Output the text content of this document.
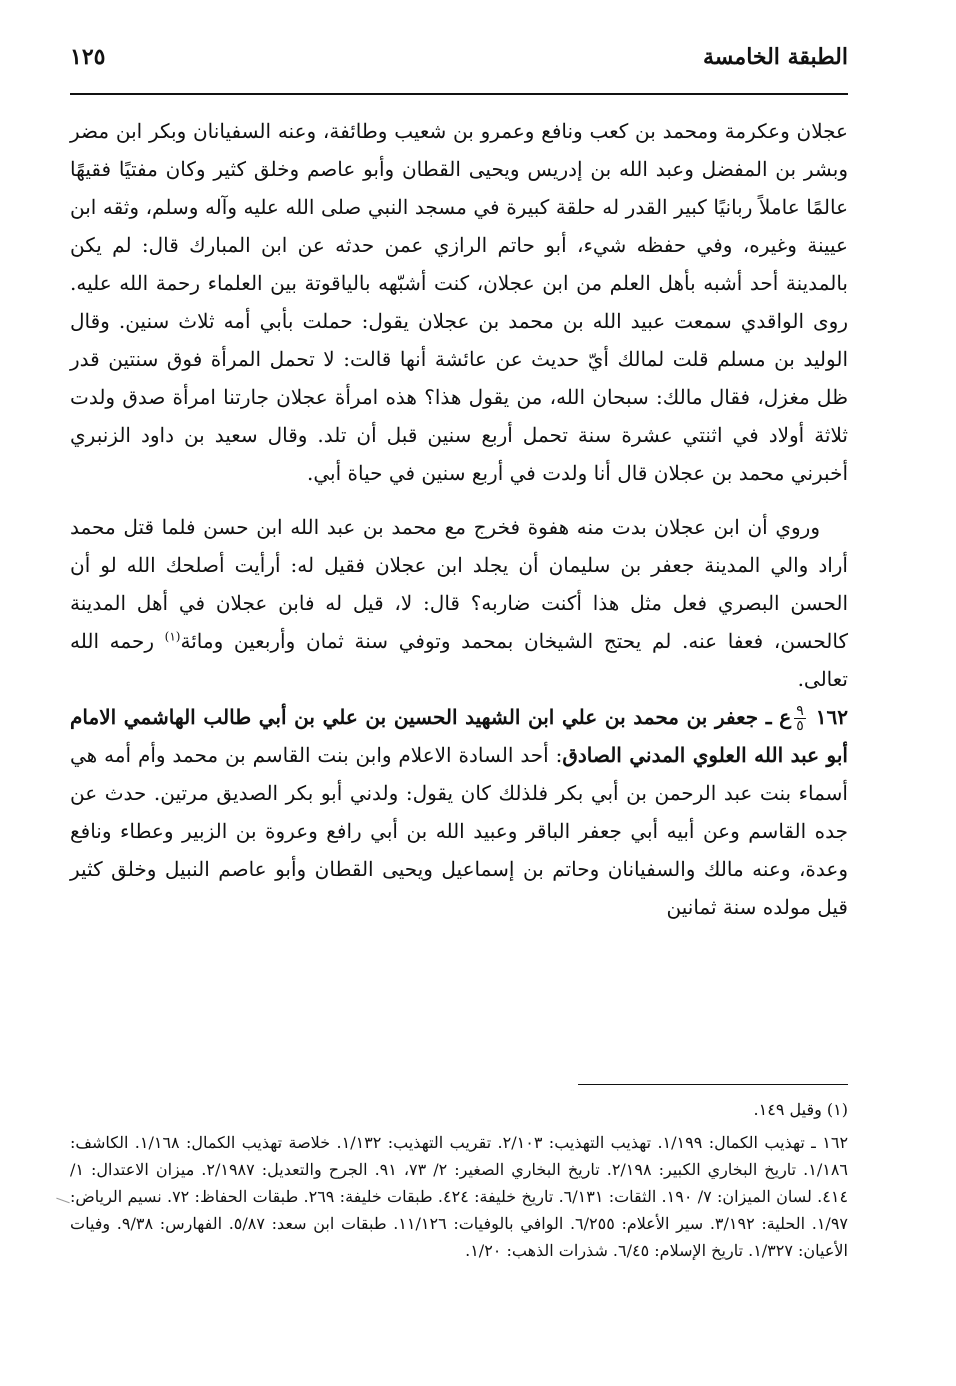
الطبقة الخامسة
١٢٥

عجلان وعكرمة ومحمد بن كعب ونافع وعمرو بن شعيب وطائفة، وعنه السفيانان وبكر ابن مضر وبشر بن المفضل وعبد الله بن إدريس ويحيى القطان وأبو عاصم وخلق كثير وكان مفتيًا فقيهًا عالمًا عاملاً ربانيًا كبير القدر له حلقة كبيرة في مسجد النبي صلى الله عليه وآله وسلم، وثقه ابن عيينة وغيره، وفي حفظه شيء، أبو حاتم الرازي عمن حدثه عن ابن المبارك قال: لم يكن بالمدينة أحد أشبه بأهل العلم من ابن عجلان، كنت أشبّهه بالياقوتة بين العلماء رحمة الله عليه. روى الواقدي سمعت عبيد الله بن محمد بن عجلان يقول: حملت بأبي أمه ثلاث سنين. وقال الوليد بن مسلم قلت لمالك أيّ حديث عن عائشة أنها قالت: لا تحمل المرأة فوق سنتين قدر ظل مغزل، فقال مالك: سبحان الله، من يقول هذا؟ هذه امرأة عجلان جارتنا امرأة صدق ولدت ثلاثة أولاد في اثنتي عشرة سنة تحمل أربع سنين قبل أن تلد. وقال سعيد بن داود الزنبري أخبرني محمد بن عجلان قال أنا ولدت في أربع سنين في حياة أبي.

وروي أن ابن عجلان بدت منه هفوة فخرج مع محمد بن عبد الله ابن حسن فلما قتل محمد أراد والي المدينة جعفر بن سليمان أن يجلد ابن عجلان فقيل له: أرأيت أصلحك الله لو أن الحسن البصري فعل مثل هذا أكنت ضاربه؟ قال: لا، قيل له فابن عجلان في أهل المدينة كالحسن، فعفا عنه. لم يحتج الشيخان بمحمد وتوفي سنة ثمان وأربعين ومائة$^{(١)}$ رحمه الله تعالى.

١٦٢
$\frac{٩}{٥}$
ع ـ جعفر بن محمد بن علي ابن الشهيد الحسين بن علي بن أبي طالب الهاشمي الامام أبو عبد الله العلوي المدني الصادق: أحد السادة الاعلام وابن بنت القاسم بن محمد وأم أمه هي أسماء بنت عبد الرحمن بن أبي بكر فلذلك كان يقول: ولدني أبو بكر الصديق مرتين. حدث عن جده القاسم وعن أبيه أبي جعفر الباقر وعبيد الله بن أبي رافع وعروة بن الزبير وعطاء ونافع وعدة، وعنه مالك والسفيانان وحاتم بن إسماعيل ويحيى القطان وأبو عاصم النبيل وخلق كثير قيل مولده سنة ثمانين

(١) وقيل ١٤٩.

١٦٢ ـ تهذيب الكمال: ١/١٩٩. تهذيب التهذيب: ٢/١٠٣. تقريب التهذيب: ١/١٣٢. خلاصة تهذيب الكمال: ١/١٦٨. الكاشف: ١/١٨٦. تاريخ البخاري الكبير: ٢/١٩٨. تاريخ البخاري الصغير: ٢/ ٧٣، ٩١. الجرح والتعديل: ٢/١٩٨٧. ميزان الاعتدال: ١/ ٤١٤. لسان الميزان: ٧/ ١٩٠. الثقات: ٦/١٣١. تاريخ خليفة: ٤٢٤. طبقات خليفة: ٢٦٩. طبقات الحفاظ: ٧٢. نسيم الرياض: ١/٩٧. الحلية: ٣/١٩٢. سير الأعلام: ٦/٢٥٥. الوافي بالوفيات: ١١/١٢٦. طبقات ابن سعد: ٥/٨٧. الفهارس: ٩/٣٨. وفيات الأعيان: ١/٣٢٧. تاريخ الإسلام: ٦/٤٥. شذرات الذهب: ١/٢٠.
